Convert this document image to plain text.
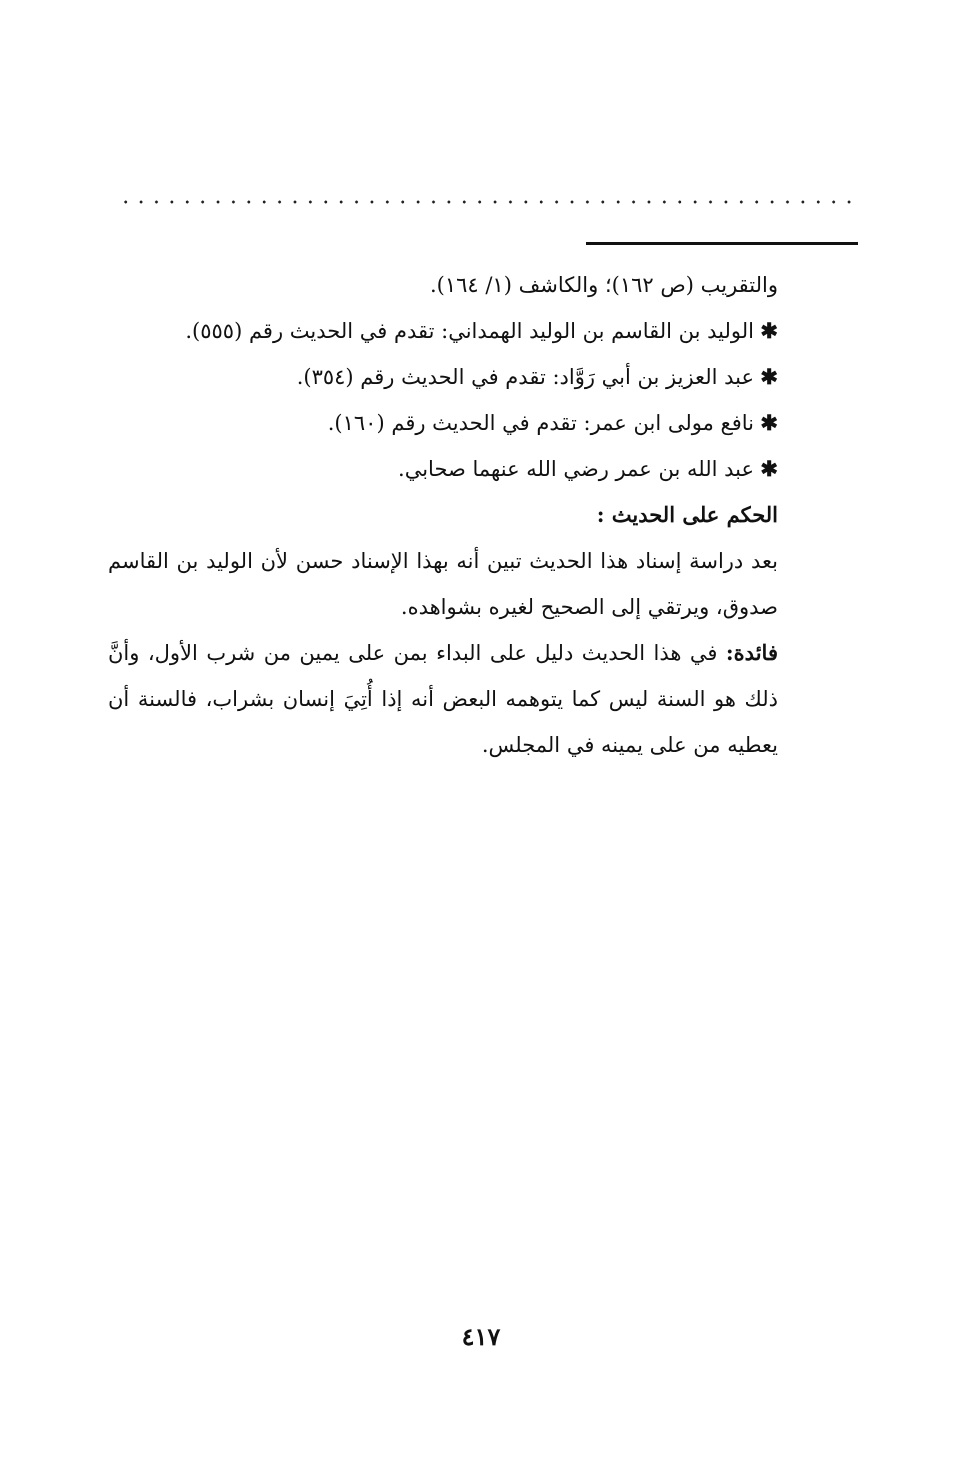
والتقريب (ص ١٦٢)؛ والكاشف (١/ ١٦٤).
✱الوليد بن القاسم بن الوليد الهمداني: تقدم في الحديث رقم (٥٥٥).
✱عبد العزيز بن أبي رَوَّاد: تقدم في الحديث رقم (٣٥٤).
✱نافع مولى ابن عمر: تقدم في الحديث رقم (١٦٠).
✱عبد الله بن عمر رضي الله عنهما صحابي.
الحكم على الحديث :
بعد دراسة إسناد هذا الحديث تبين أنه بهذا الإسناد حسن لأن الوليد بن القاسم
صدوق، ويرتقي إلى الصحيح لغيره بشواهده.
فائدة: في هذا الحديث دليل على البداء بمن على يمين من شرب الأول، وأنَّ
ذلك هو السنة ليس كما يتوهمه البعض أنه إذا أُتِيَ إنسان بشراب، فالسنة أن
يعطيه من على يمينه في المجلس.
٤١٧
